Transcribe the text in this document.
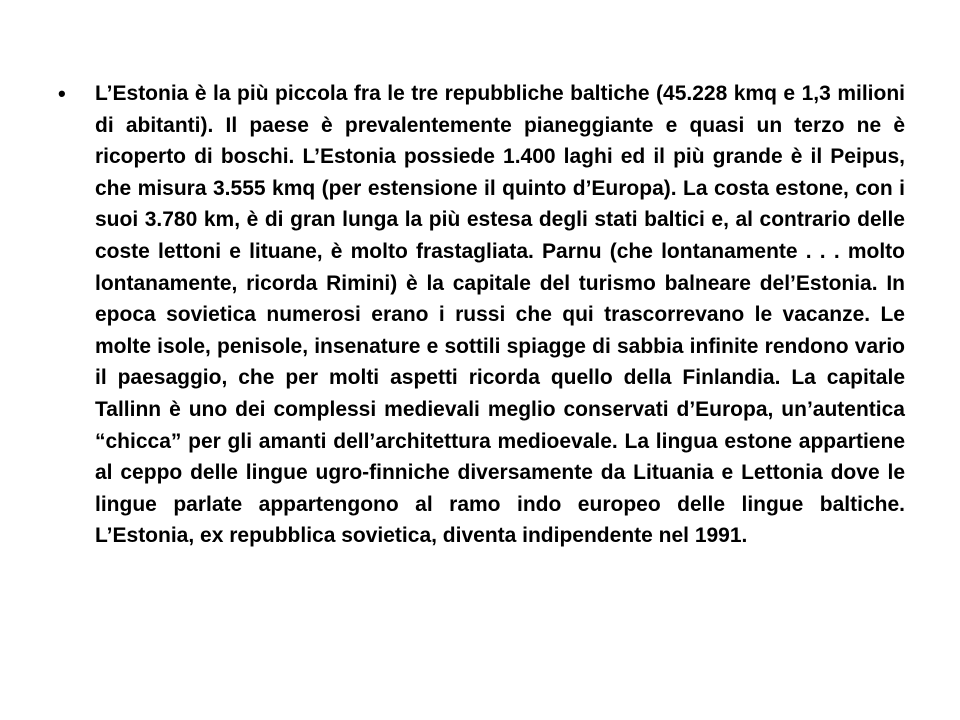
• L’Estonia è la più piccola fra le tre repubbliche baltiche (45.228 kmq e 1,3 milioni di abitanti). Il paese è prevalentemente pianeggiante e quasi un terzo ne è ricoperto di boschi. L’Estonia possiede 1.400 laghi ed il più grande è il Peipus, che misura 3.555 kmq (per estensione il quinto d’Europa). La costa estone, con i suoi 3.780 km, è di gran lunga la più estesa degli stati baltici e, al contrario delle coste lettoni e lituane, è molto frastagliata. Parnu (che lontanamente . . . molto lontanamente, ricorda Rimini) è la capitale del turismo balneare del’Estonia. In epoca sovietica numerosi erano i russi che qui trascorrevano le vacanze. Le molte isole, penisole, insenature e sottili spiagge di sabbia infinite rendono vario il paesaggio, che per molti aspetti ricorda quello della Finlandia. La capitale Tallinn è uno dei complessi medievali meglio conservati d’Europa, un’autentica “chicca” per gli amanti dell’architettura medioevale. La lingua estone appartiene al ceppo delle lingue ugro-finniche diversamente da Lituania e Lettonia dove le lingue parlate appartengono al ramo indo europeo delle lingue baltiche. L’Estonia, ex repubblica sovietica, diventa indipendente nel 1991.
